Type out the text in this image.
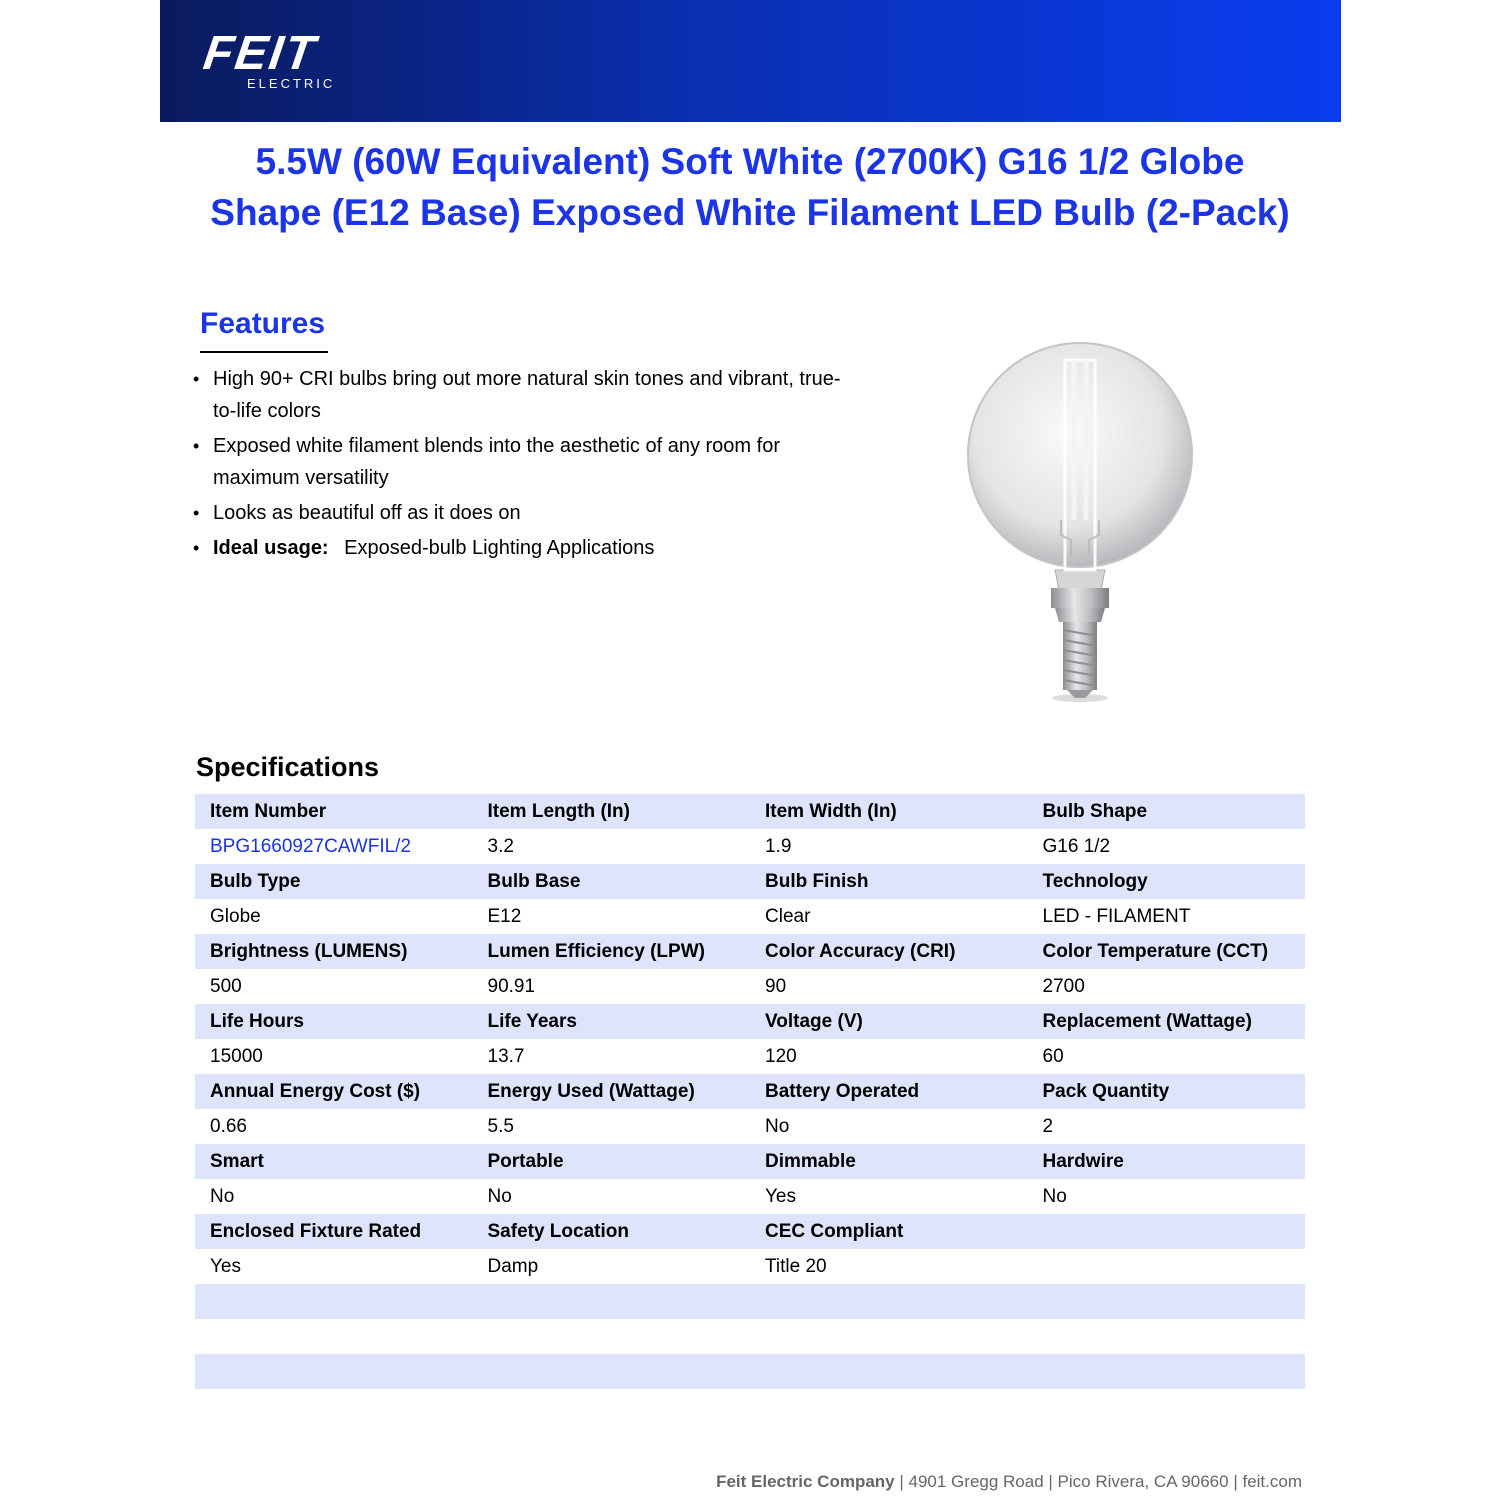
FEIT
ELECTRIC
5.5W (60W Equivalent) Soft White (2700K) G16 1/2 Globe Shape (E12 Base) Exposed White Filament LED Bulb (2-Pack)
Features
• High 90+ CRI bulbs bring out more natural skin tones and vibrant, true-to-life colors
• Exposed white filament blends into the aesthetic of any room for maximum versatility
• Looks as beautiful off as it does on
• Ideal usage: Exposed-bulb Lighting Applications
Specifications
Item Number	Item Length (In)	Item Width (In)	Bulb Shape
BPG1660927CAWFIL/2	3.2	1.9	G16 1/2
Bulb Type	Bulb Base	Bulb Finish	Technology
Globe	E12	Clear	LED - FILAMENT
Brightness (LUMENS)	Lumen Efficiency (LPW)	Color Accuracy (CRI)	Color Temperature (CCT)
500	90.91	90	2700
Life Hours	Life Years	Voltage (V)	Replacement (Wattage)
15000	13.7	120	60
Annual Energy Cost ($)	Energy Used (Wattage)	Battery Operated	Pack Quantity
0.66	5.5	No	2
Smart	Portable	Dimmable	Hardwire
No	No	Yes	No
Enclosed Fixture Rated	Safety Location	CEC Compliant	
Yes	Damp	Title 20	

Feit Electric Company | 4901 Gregg Road | Pico Rivera, CA 90660 | feit.com
